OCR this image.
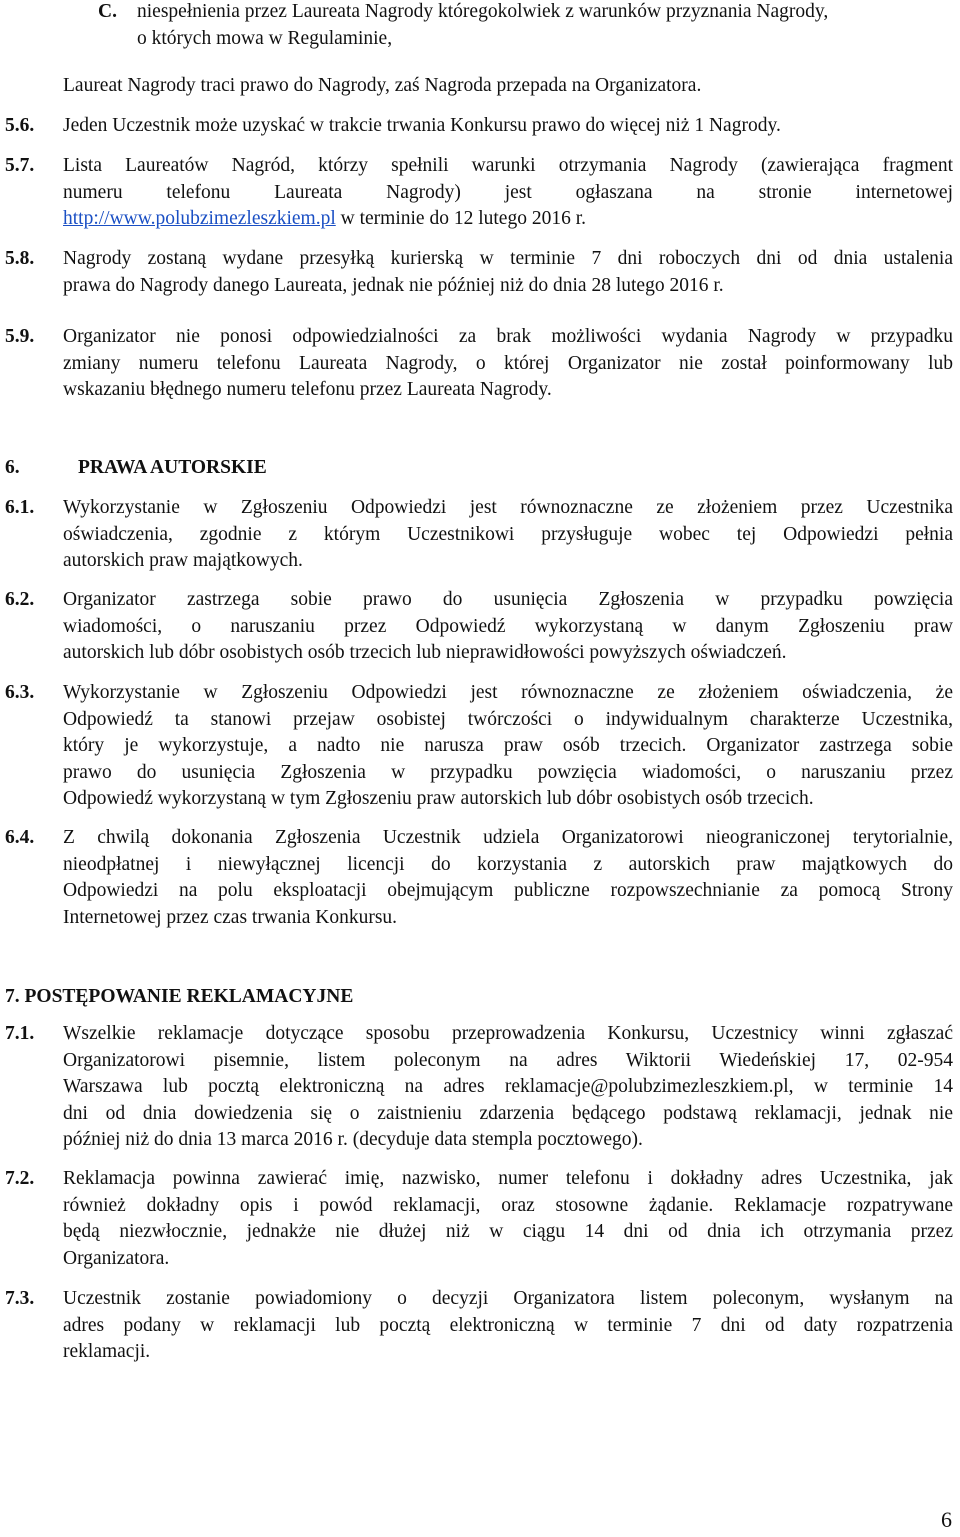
C. niespełnienia przez Laureata Nagrody któregokolwiek z warunków przyznania Nagrody,
o których mowa w Regulaminie,
Laureat Nagrody traci prawo do Nagrody, zaś Nagroda przepada na Organizatora.
5.6. Jeden Uczestnik może uzyskać w trakcie trwania Konkursu prawo do więcej niż 1 Nagrody.
5.7. Lista Laureatów Nagród, którzy spełnili warunki otrzymania Nagrody (zawierająca fragment
numeru telefonu Laureata Nagrody) jest ogłaszana na stronie internetowej
http://www.polubzimezleszkiem.pl w terminie do 12 lutego 2016 r.
5.8. Nagrody zostaną wydane przesyłką kurierską w terminie 7 dni roboczych dni od dnia ustalenia
prawa do Nagrody danego Laureata, jednak nie później niż do dnia 28 lutego 2016 r.
5.9. Organizator nie ponosi odpowiedzialności za brak możliwości wydania Nagrody w przypadku
zmiany numeru telefonu Laureata Nagrody, o której Organizator nie został poinformowany lub
wskazaniu błędnego numeru telefonu przez Laureata Nagrody.
6.	PRAWA AUTORSKIE
6.1. Wykorzystanie w Zgłoszeniu Odpowiedzi jest równoznaczne ze złożeniem przez Uczestnika
oświadczenia, zgodnie z którym Uczestnikowi przysługuje wobec tej Odpowiedzi pełnia
autorskich praw majątkowych.
6.2. Organizator zastrzega sobie prawo do usunięcia Zgłoszenia w przypadku powzięcia
wiadomości, o naruszaniu przez Odpowiedź wykorzystaną w danym Zgłoszeniu praw
autorskich lub dóbr osobistych osób trzecich lub nieprawidłowości powyższych oświadczeń.
6.3. Wykorzystanie w Zgłoszeniu Odpowiedzi jest równoznaczne ze złożeniem oświadczenia, że
Odpowiedź ta stanowi przejaw osobistej twórczości o indywidualnym charakterze Uczestnika,
który je wykorzystuje, a nadto nie narusza praw osób trzecich. Organizator zastrzega sobie
prawo do usunięcia Zgłoszenia w przypadku powzięcia wiadomości, o naruszaniu przez
Odpowiedź wykorzystaną w tym Zgłoszeniu praw autorskich lub dóbr osobistych osób trzecich.
6.4. Z chwilą dokonania Zgłoszenia Uczestnik udziela Organizatorowi nieograniczonej terytorialnie,
nieodpłatnej i niewyłącznej licencji do korzystania z autorskich praw majątkowych do
Odpowiedzi na polu eksploatacji obejmującym publiczne rozpowszechnianie za pomocą Strony
Internetowej przez czas trwania Konkursu.
7. POSTĘPOWANIE REKLAMACYJNE
7.1. Wszelkie reklamacje dotyczące sposobu przeprowadzenia Konkursu, Uczestnicy winni zgłaszać
Organizatorowi pisemnie, listem poleconym na adres Wiktorii Wiedeńskiej 17, 02-954
Warszawa lub pocztą elektroniczną na adres reklamacje@polubzimezleszkiem.pl, w terminie 14
dni od dnia dowiedzenia się o zaistnieniu zdarzenia będącego podstawą reklamacji, jednak nie
później niż do dnia 13 marca 2016 r. (decyduje data stempla pocztowego).
7.2. Reklamacja powinna zawierać imię, nazwisko, numer telefonu i dokładny adres Uczestnika, jak
również dokładny opis i powód reklamacji, oraz stosowne żądanie. Reklamacje rozpatrywane
będą niezwłocznie, jednakże nie dłużej niż w ciągu 14 dni od dnia ich otrzymania przez
Organizatora.
7.3. Uczestnik zostanie powiadomiony o decyzji Organizatora listem poleconym, wysłanym na
adres podany w reklamacji lub pocztą elektroniczną w terminie 7 dni od daty rozpatrzenia
reklamacji.
6
